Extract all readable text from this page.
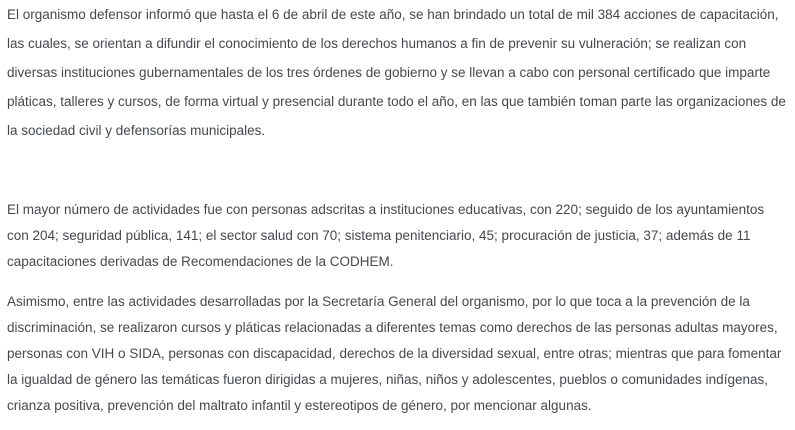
El organismo defensor informó que hasta el 6 de abril de este año, se han brindado un total de mil 384 acciones de capacitación,
las cuales, se orientan a difundir el conocimiento de los derechos humanos a fin de prevenir su vulneración; se realizan con
diversas instituciones gubernamentales de los tres órdenes de gobierno y se llevan a cabo con personal certificado que imparte
pláticas, talleres y cursos, de forma virtual y presencial durante todo el año, en las que también toman parte las organizaciones de
la sociedad civil y defensorías municipales.

El mayor número de actividades fue con personas adscritas a instituciones educativas, con 220; seguido de los ayuntamientos
con 204; seguridad pública, 141; el sector salud con 70; sistema penitenciario, 45; procuración de justicia, 37; además de 11
capacitaciones derivadas de Recomendaciones de la CODHEM.

Asimismo, entre las actividades desarrolladas por la Secretaría General del organismo, por lo que toca a la prevención de la
discriminación, se realizaron cursos y pláticas relacionadas a diferentes temas como derechos de las personas adultas mayores,
personas con VIH o SIDA, personas con discapacidad, derechos de la diversidad sexual, entre otras; mientras que para fomentar
la igualdad de género las temáticas fueron dirigidas a mujeres, niñas, niños y adolescentes, pueblos o comunidades indígenas,
crianza positiva, prevención del maltrato infantil y estereotipos de género, por mencionar algunas.
